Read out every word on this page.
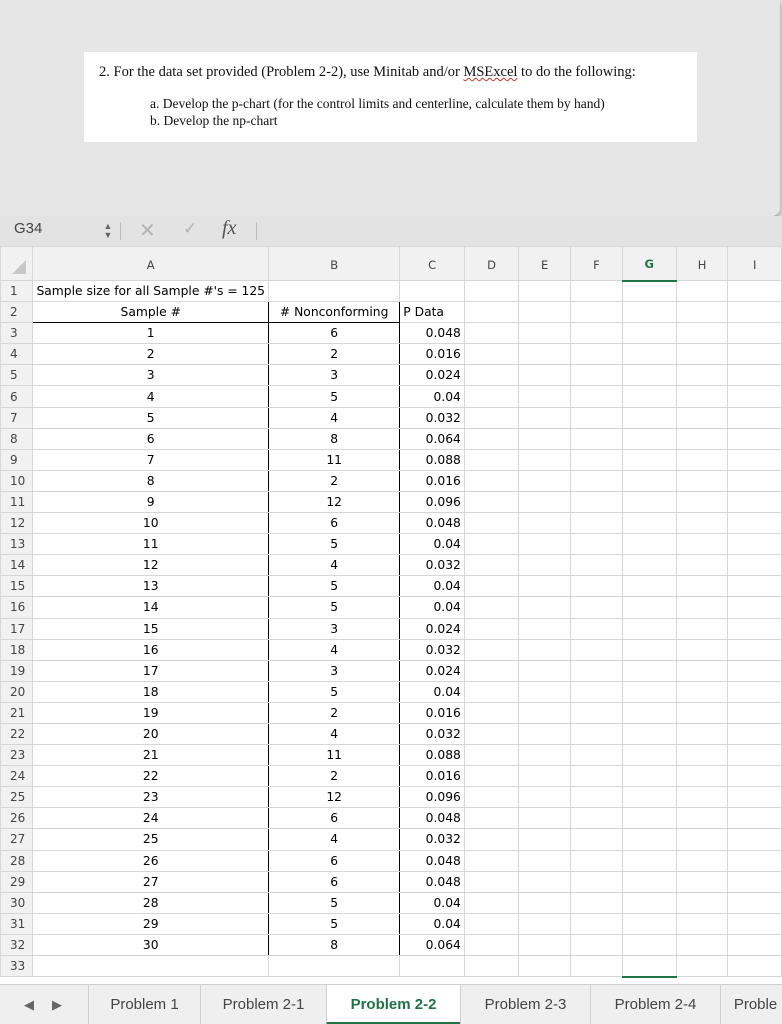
2. For the data set provided (Problem 2-2), use Minitab and/or MSExcel to do the following:
a. Develop the p-chart (for the control limits and centerline, calculate them by hand)
b. Develop the np-chart
G34	▲
▼ ✕ ✓ fx
	A	B	C	D	E	F	G	H	I
1	Sample size for all Sample #'s = 125								
2	Sample #	# Nonconforming	P Data						
3	1	6	0.048						
4	2	2	0.016						
5	3	3	0.024						
6	4	5	0.04						
7	5	4	0.032						
8	6	8	0.064						
9	7	11	0.088						
10	8	2	0.016						
11	9	12	0.096						
12	10	6	0.048						
13	11	5	0.04						
14	12	4	0.032						
15	13	5	0.04						
16	14	5	0.04						
17	15	3	0.024						
18	16	4	0.032						
19	17	3	0.024						
20	18	5	0.04						
21	19	2	0.016						
22	20	4	0.032						
23	21	11	0.088						
24	22	2	0.016						
25	23	12	0.096						
26	24	6	0.048						
27	25	4	0.032						
28	26	6	0.048						
29	27	6	0.048						
30	28	5	0.04						
31	29	5	0.04						
32	30	8	0.064						
33									
◀ ▶	Problem 1	Problem 2-1	Problem 2-2	Problem 2-3	Problem 2-4	Proble
